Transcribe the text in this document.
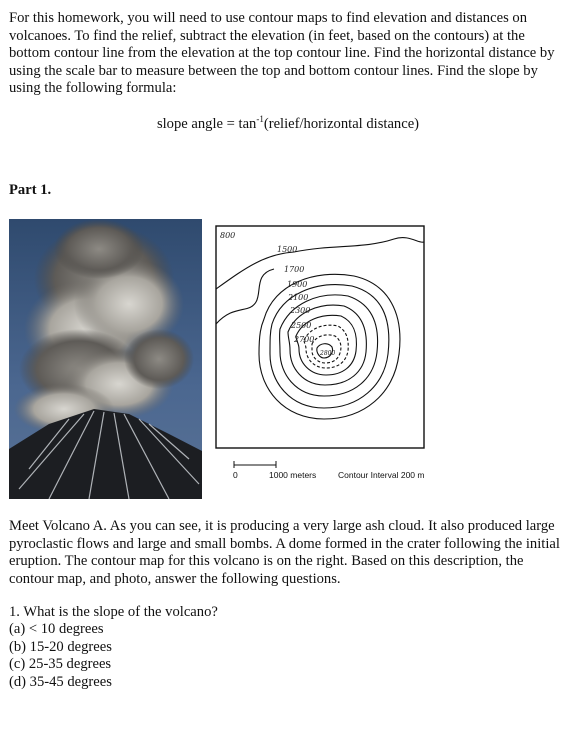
For this homework, you will need to use contour maps to find elevation and distances on volcanoes. To find the relief, subtract the elevation (in feet, based on the contours) at the bottom contour line from the elevation at the top contour line. Find the horizontal distance by using the scale bar to measure between the top and bottom contour lines. Find the slope by using the following formula:

slope angle = $\tan^{-1}(relief$/horizontal distance)
Part 1.
800
1500
1700
1900
2100
2300
2500
2700
2800
0	1000 meters	Contour Interval 200 m

Meet Volcano A. As you can see, it is producing a very large ash cloud. It also produced large pyroclastic flows and large and small bombs. A dome formed in the crater following the initial eruption. The contour map for this volcano is on the right. Based on this description, the contour map, and photo, answer the following questions.

1. What is the slope of the volcano?
(a) < 10 degrees
(b) 15-20 degrees
(c) 25-35 degrees
(d) 35-45 degrees
